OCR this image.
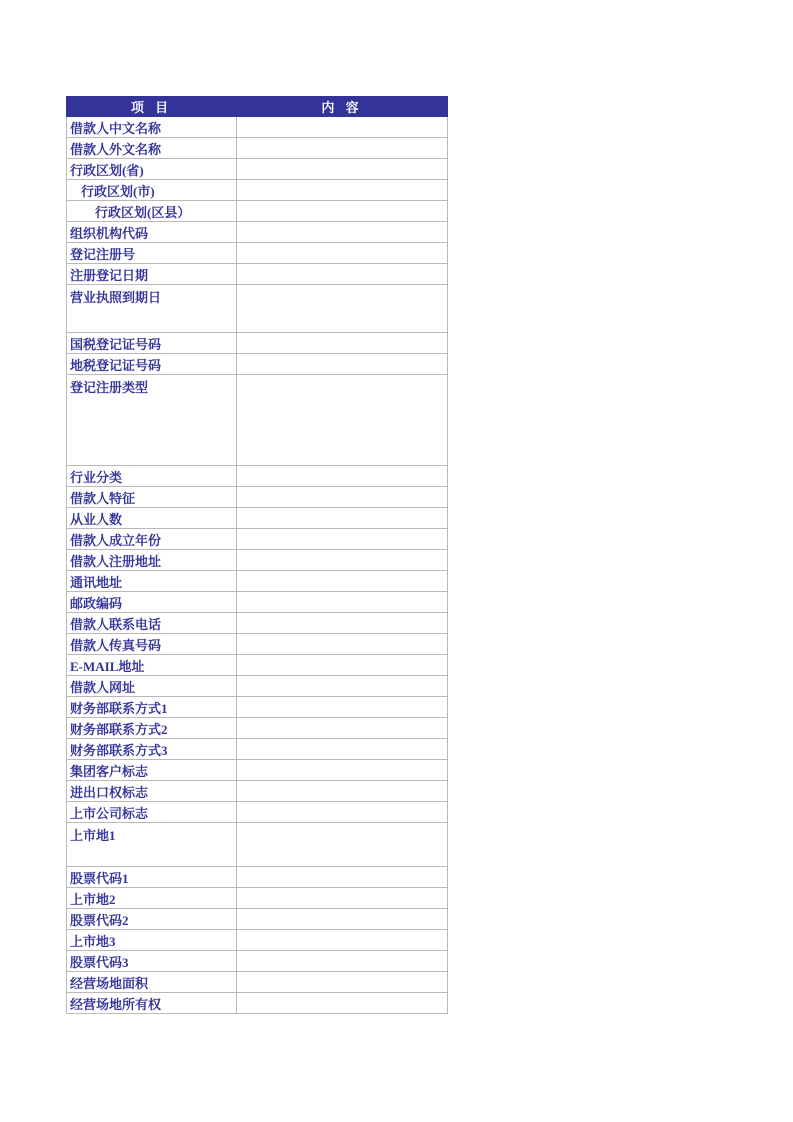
项 目	内 容
借款人中文名称	
借款人外文名称	
行政区划(省)	
行政区划(市)	
行政区划(区县）	
组织机构代码	
登记注册号	
注册登记日期	
营业执照到期日	
国税登记证号码	
地税登记证号码	
登记注册类型	
行业分类	
借款人特征	
从业人数	
借款人成立年份	
借款人注册地址	
通讯地址	
邮政编码	
借款人联系电话	
借款人传真号码	
E-MAIL地址	
借款人网址	
财务部联系方式1	
财务部联系方式2	
财务部联系方式3	
集团客户标志	
进出口权标志	
上市公司标志	
上市地1	
股票代码1	
上市地2	
股票代码2	
上市地3	
股票代码3	
经营场地面积	
经营场地所有权	
